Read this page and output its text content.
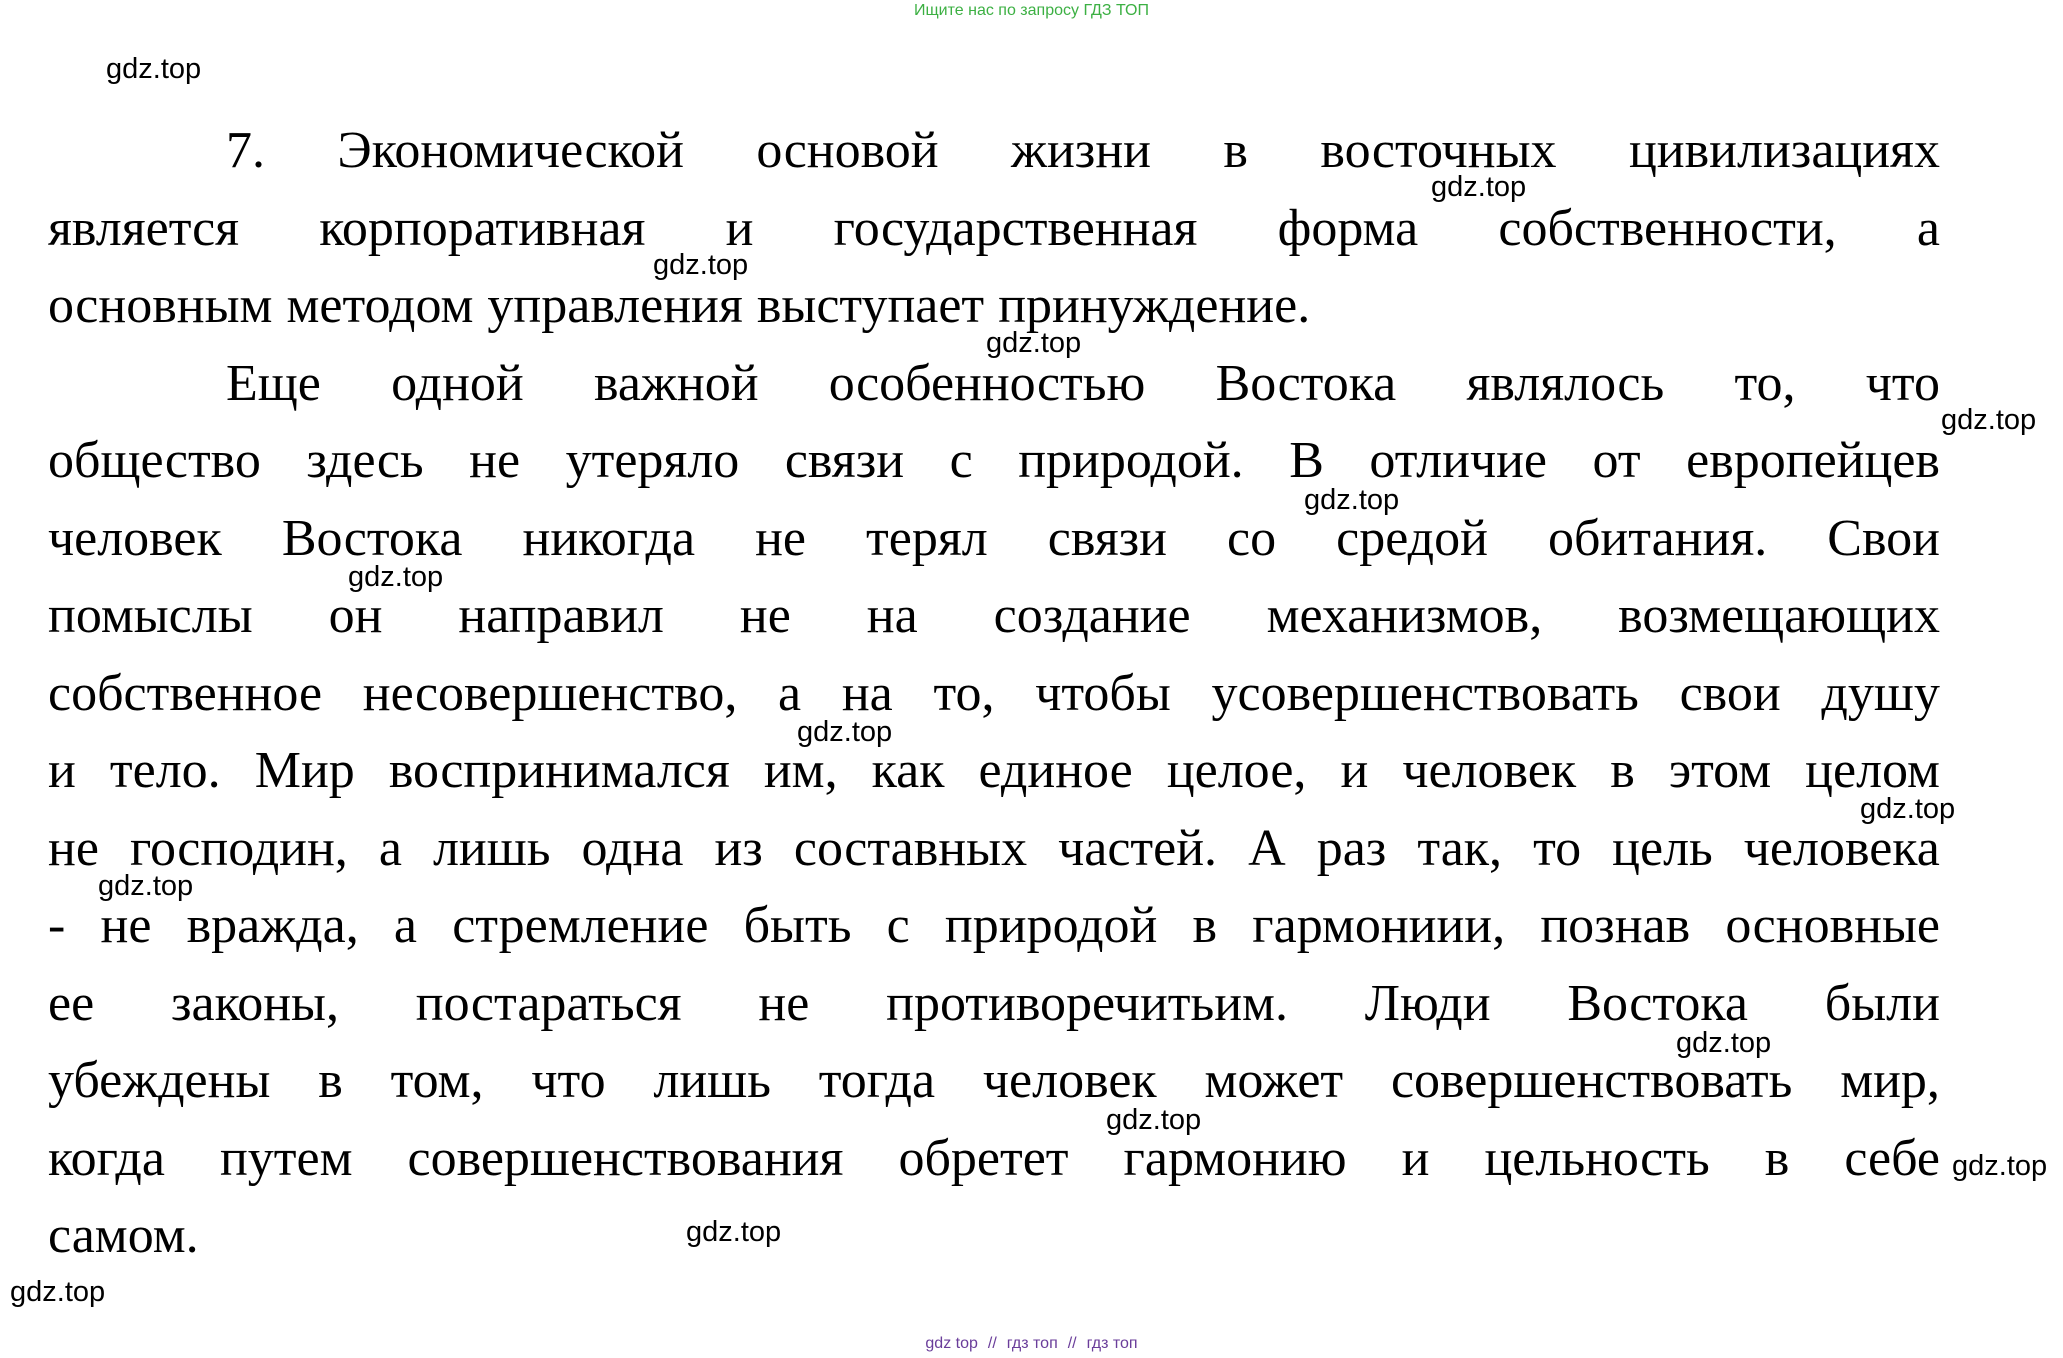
Ищите нас по запросу ГДЗ ТОП
7. Экономической основой жизни в восточных цивилизациях
является корпоративная и государственная форма собственности, а
основным методом управления выступает принуждение.
Еще одной важной особенностью Востока являлось то, что
общество здесь не утеряло связи с природой. В отличие от европейцев
человек Востока никогда не терял связи со средой обитания. Свои
помыслы он направил не на создание механизмов, возмещающих
собственное несовершенство, а на то, чтобы усовершенствовать свои душу
и тело. Мир воспринимался им, как единое целое, и человек в этом целом
не господин, а лишь одна из составных частей. А раз так, то цель человека
- не вражда, а стремление быть с природой в гармониии, познав основные
ее законы, постараться не противоречитьим. Люди Востока были
убеждены в том, что лишь тогда человек может совершенствовать мир,
когда путем совершенствования обретет гармонию и цельность в себе
самом.
gdz.top
gdz.top
gdz.top
gdz.top
gdz.top
gdz.top
gdz.top
gdz.top
gdz.top
gdz.top
gdz.top
gdz.top
gdz.top
gdz.top
gdz.top
gdz top // гдз топ // гдз топ
